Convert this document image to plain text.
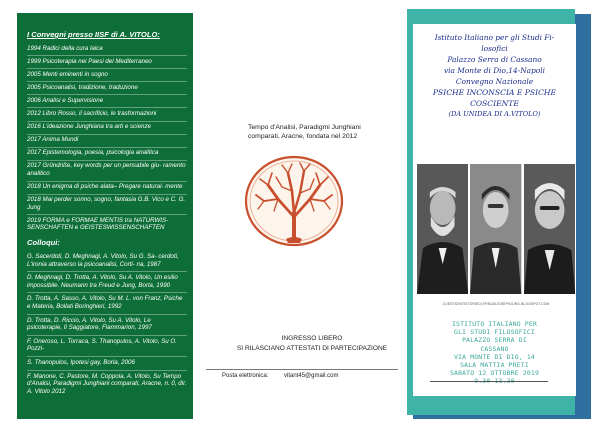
I Convegni presso IISF di A. VITOLO:
1994 Radici della cura laica
1999 Psicoterapia nei Paesi del Mediterraneo
2005 Menti eminenti in sogno
2005 Psicoanalisi, tradizione, traduzione
2006 Analisi e Supervisione
2012 Libro Rosso, il sacrificio, le trasformazioni
2016 L'ideazione Junghiana tra arti e scienze
2017 Anima Mundi
2017 Epistemologia, poesia, psicologia analitica
2017 Gründriße, key words per un pensabile giu- ramento analitico
2018 Un enigma di psiche alata– Pregare natural- mente
2018 Mai perder sonno, sogno, fantasia G.B. Vico e C. G. Jung
2019 FORMA e FORMAE MENTIS tra NATURWIS- SENSCHAFTEN e GEISTESWISSENSCHAFTEN
Colloqui:
G. Sacerdoti, D. Meghnagi, A. Vitolo, Su G. Sa- cerdoti, L'ironia attraverso la psicoanalisi, Corti- na, 1987
D. Meghnagi, D. Trotta, A. Vitolo, Su A. Vitolo, Un esilio impossibile. Neumann tra Freud e Jung, Borla, 1990
D. Trotta, A. Sasso, A. Vitolo, Su M. L. von Franz, Psiche e Materia, Bollati Boringhieri, 1992
D. Trotta, D. Riccio, A. Vitolo, Su A. Vitolo, Le psicoterapie, Il Saggiatore, Flammarion, 1997
F. Oneroso, L. Torraca, S. Thanopulos, A. Vitolo, Su O. Pozzi-
S. Thanopulos, Ipotesi gay, Borla, 2006
F. Manone, C. Pastore, M. Coppola, A. Vitolo, Su Tempo d'Analisi, Paradigmi Junghiani comparati, Aracne, n. 0, dir. A. Vitolo 2012
Tempo d'Analisi, Paradigmi Junghiani comparati, Aracne, fondata nel 2012
INGRESSO LIBERO
SI RILASCIANO ATTESTATI DI PARTECIPAZIONE
Posta elettronica:	vitant45@gmail.com
Istituto Italiano per gli Studi Fi-
losofici
Palazzo Serra di Cassano
via Monte di Dio,14-Napoli
Convegno Nazionale
PSICHE INCONSCIA E PSICHE
COSCIENTE
(DA UNIDEA DI A.VITOLO)
CUESTIONITISTORIEDI.FREUDIJOSEPHJUNG.BLOGSPOT.COM
ISTITUTO ITALIANO PER
GLI STUDI FILOSOFICI
PALAZZO SERRA DI
CASSANO
VIA MONTE DI DIO, 14
SALA MATTIA PRETI
SABATO 12 OTTOBRE 2019
9.30-13.30
